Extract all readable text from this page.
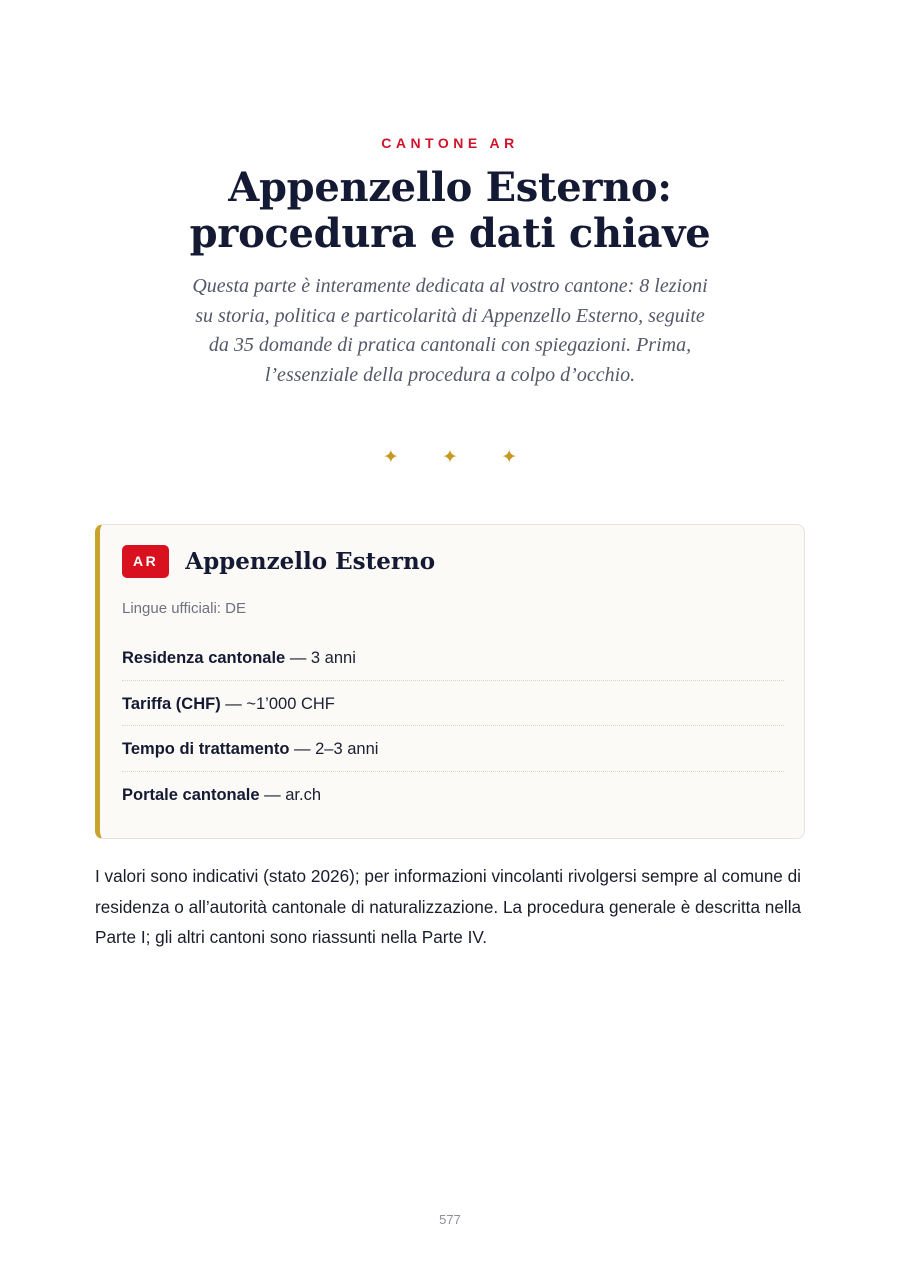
CANTONE AR
Appenzello Esterno:
procedura e dati chiave

Questa parte è interamente dedicata al vostro cantone: 8 lezioni su storia, politica e particolarità di Appenzello Esterno, seguite da 35 domande di pratica cantonali con spiegazioni. Prima, l’essenziale della procedura a colpo d’occhio.

✦ ✦ ✦
AR	Appenzello Esterno
Lingue ufficiali: DE
Residenza cantonale — 3 anni
Tariffa (CHF) — ~1’000 CHF
Tempo di trattamento — 2–3 anni
Portale cantonale — ar.ch

I valori sono indicativi (stato 2026); per informazioni vincolanti rivolgersi sempre al comune di residenza o all’autorità cantonale di naturalizzazione. La procedura generale è descritta nella Parte I; gli altri cantoni sono riassunti nella Parte IV.

577
